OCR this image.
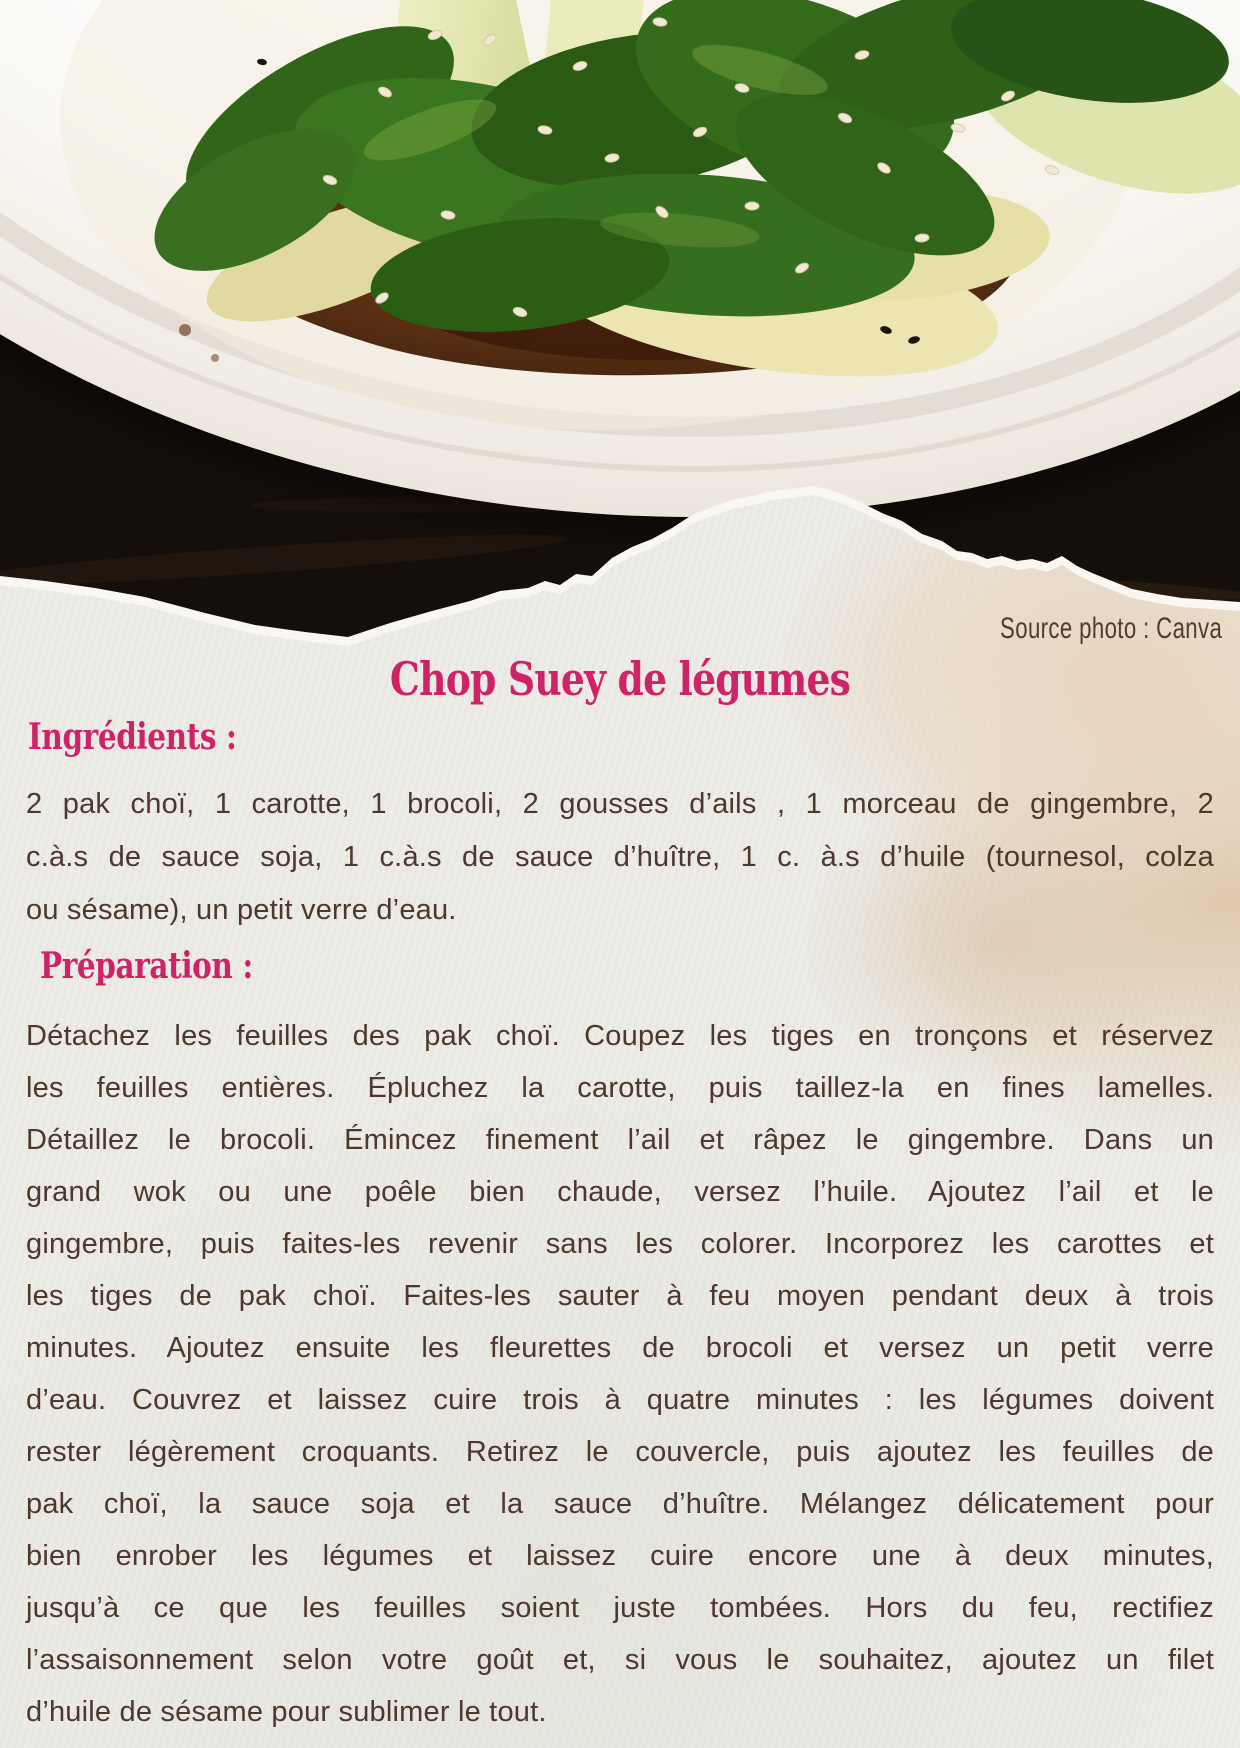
Source photo : Canva
Chop Suey de légumes
Ingrédients :
2 pak choï, 1 carotte, 1 brocoli, 2 gousses d’ails , 1 morceau de gingembre, 2
c.à.s de sauce soja, 1 c.à.s de sauce d’huître, 1 c. à.s d’huile (tournesol, colza
ou sésame), un petit verre d’eau.
Préparation :
Détachez les feuilles des pak choï. Coupez les tiges en tronçons et réservez
les feuilles entières. Épluchez la carotte, puis taillez-la en fines lamelles.
Détaillez le brocoli. Émincez finement l’ail et râpez le gingembre. Dans un
grand wok ou une poêle bien chaude, versez l’huile. Ajoutez l’ail et le
gingembre, puis faites-les revenir sans les colorer. Incorporez les carottes et
les tiges de pak choï. Faites-les sauter à feu moyen pendant deux à trois
minutes. Ajoutez ensuite les fleurettes de brocoli et versez un petit verre
d’eau. Couvrez et laissez cuire trois à quatre minutes : les légumes doivent
rester légèrement croquants. Retirez le couvercle, puis ajoutez les feuilles de
pak choï, la sauce soja et la sauce d’huître. Mélangez délicatement pour
bien enrober les légumes et laissez cuire encore une à deux minutes,
jusqu’à ce que les feuilles soient juste tombées. Hors du feu, rectifiez
l’assaisonnement selon votre goût et, si vous le souhaitez, ajoutez un filet
d’huile de sésame pour sublimer le tout.
